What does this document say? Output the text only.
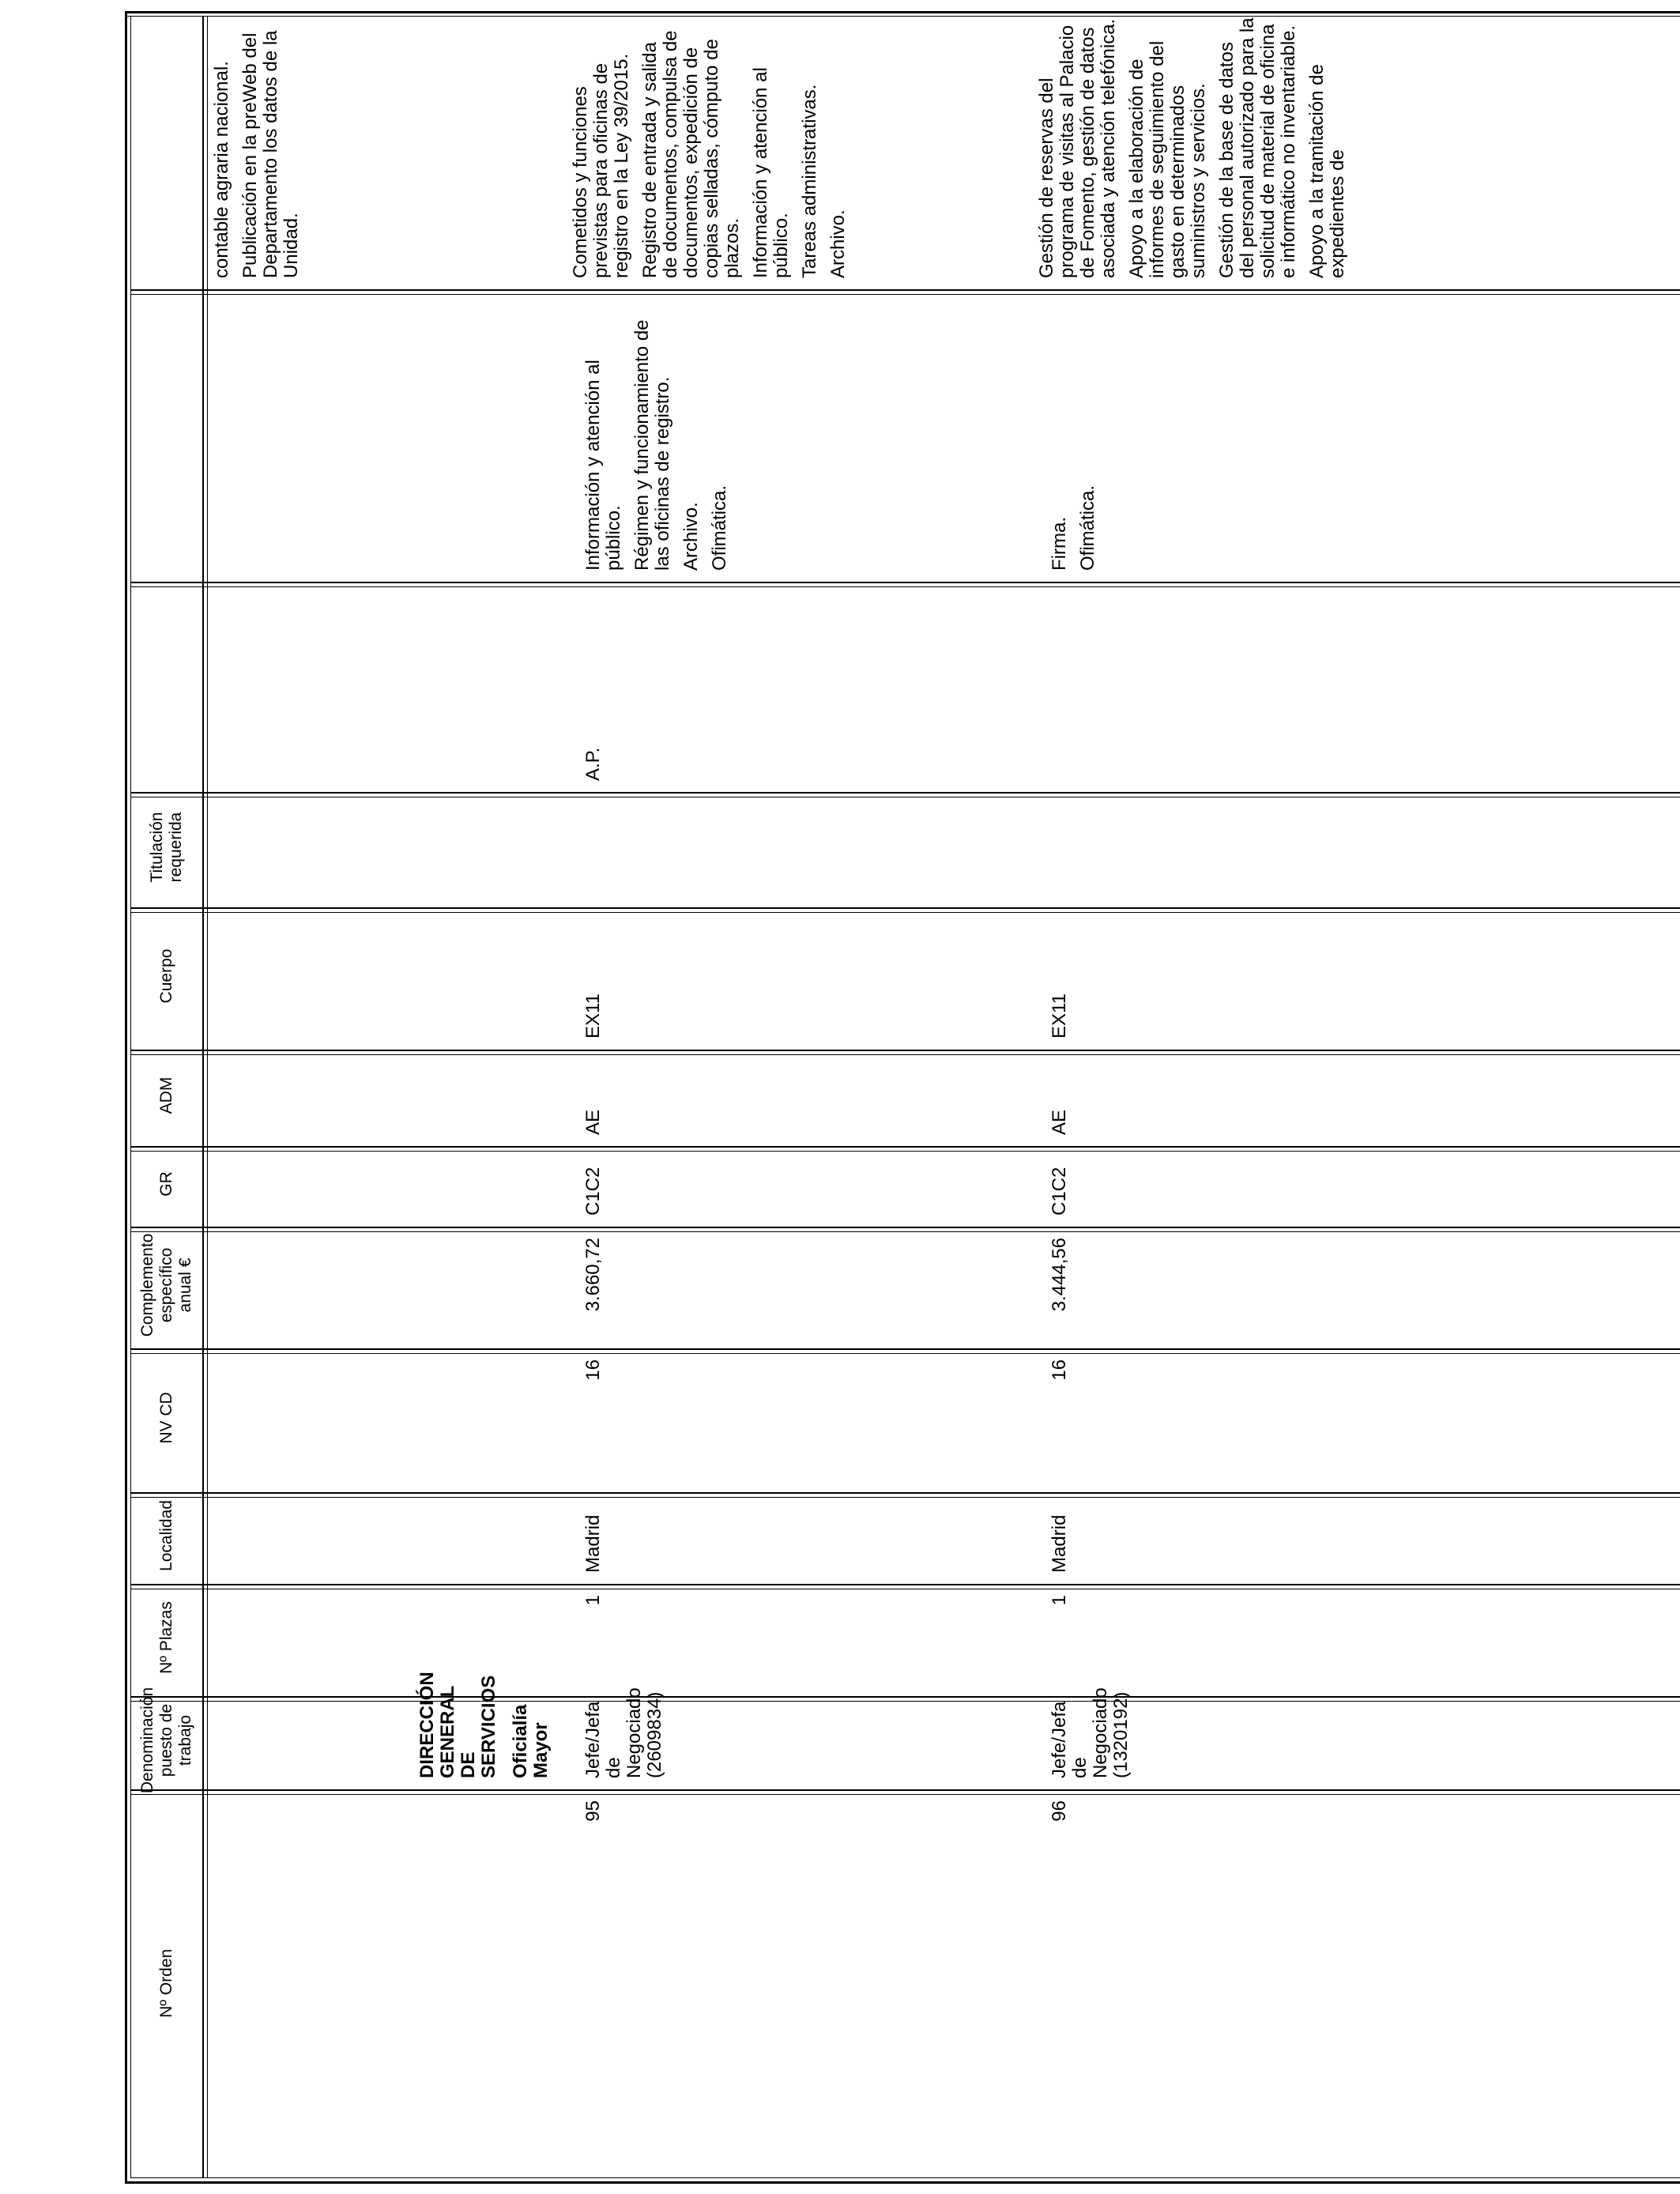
Nº Orden
Denominación puesto de trabajo
Nº Plazas
Localidad
NV CD
Complemento específico anual €
GR
ADM
Cuerpo
Titulación requerida

contable agraria nacional. Publicación en la preWeb del Departamento los datos de la Unidad.

DIRECCIÓN GENERAL DE SERVICIOS Oficialía Mayor
95
Jefe/Jefa de Negociado (2609834)
1
Madrid
16
3.660,72
C1C2
AE
EX11
A.P.

Información y atención al público. Régimen y funcionamiento de las oficinas de registro. Archivo. Ofimática.

Cometidos y funciones previstas para oficinas de registro en la Ley 39/2015. Registro de entrada y salida de documentos, compulsa de documentos, expedición de copias selladas, cómputo de plazos. Información y atención al público. Tareas administrativas. Archivo.

96
Jefe/Jefa de Negociado (1320192)
1
Madrid
16
3.444,56
C1C2
AE
EX11

Firma. Ofimática.

Gestión de reservas del programa de visitas al Palacio de Fomento, gestión de datos asociada y atención telefónica. Apoyo a la elaboración de informes de seguimiento del gasto en determinados suministros y servicios. Gestión de la base de datos del personal autorizado para la solicitud de material de oficina e informático no inventariable. Apoyo a la tramitación de expedientes de
